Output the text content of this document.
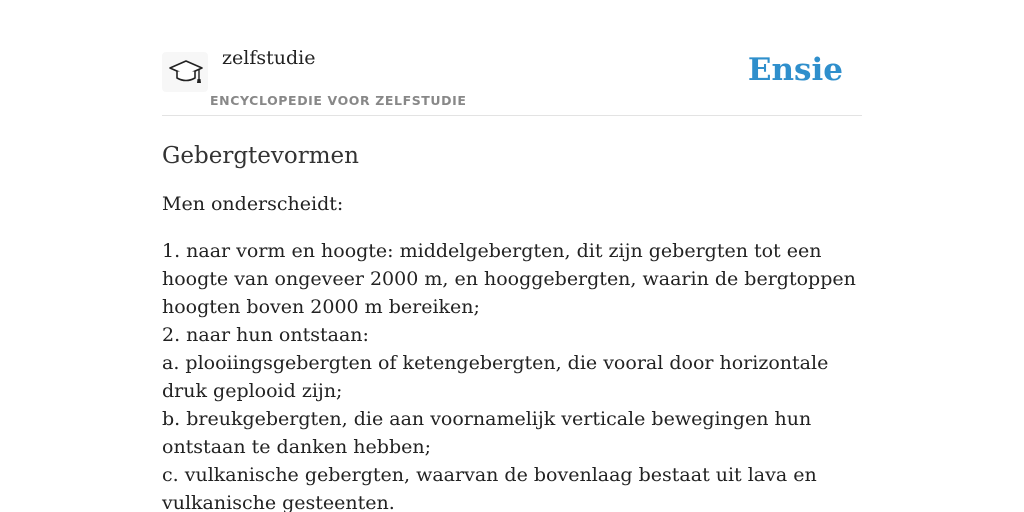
zelfstudie
ENCYCLOPEDIE VOOR ZELFSTUDIE
Ensie
Gebergtevormen

Men onderscheidt:

1. naar vorm en hoogte: middelgebergten, dit zijn gebergten tot een hoogte van ongeveer 2000 m, en hooggebergten, waarin de bergtoppen hoogten boven 2000 m bereiken;
2. naar hun ontstaan:
a. plooiingsgebergten of ketengebergten, die vooral door horizontale druk geplooid zijn;
b. breukgebergten, die aan voornamelijk verticale bewegingen hun ontstaan te danken hebben;
c. vulkanische gebergten, waarvan de bovenlaag bestaat uit lava en vulkanische gesteenten.
